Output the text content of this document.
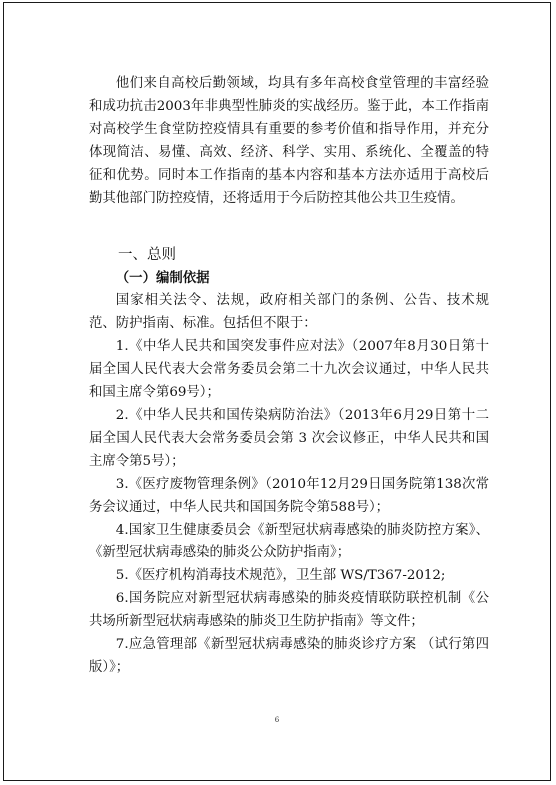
他们来自高校后勤领域，均具有多年高校食堂管理的丰富经验和成功抗击2003年非典型性肺炎的实战经历。鉴于此，本工作指南对高校学生食堂防控疫情具有重要的参考价值和指导作用，并充分体现简洁、易懂、高效、经济、科学、实用、系统化、全覆盖的特征和优势。同时本工作指南的基本内容和基本方法亦适用于高校后勤其他部门防控疫情，还将适用于今后防控其他公共卫生疫情。

一、总则
（一）编制依据

国家相关法令、法规，政府相关部门的条例、公告、技术规范、防护指南、标准。包括但不限于：

1.《中华人民共和国突发事件应对法》（2007年8月30日第十届全国人民代表大会常务委员会第二十九次会议通过，中华人民共和国主席令第69号）；

2.《中华人民共和国传染病防治法》（2013年6月29日第十二届全国人民代表大会常务委员会第 3 次会议修正，中华人民共和国主席令第5号）；

3.《医疗废物管理条例》（2010年12月29日国务院第138次常务会议通过，中华人民共和国国务院令第588号）；

4.国家卫生健康委员会《新型冠状病毒感染的肺炎防控方案》、《新型冠状病毒感染的肺炎公众防护指南》；

5.《医疗机构消毒技术规范》，卫生部 WS/T367-2012;

6.国务院应对新型冠状病毒感染的肺炎疫情联防联控机制《公共场所新型冠状病毒感染的肺炎卫生防护指南》等文件；

7.应急管理部《新型冠状病毒感染的肺炎诊疗方案 （试行第四版）》；

6
